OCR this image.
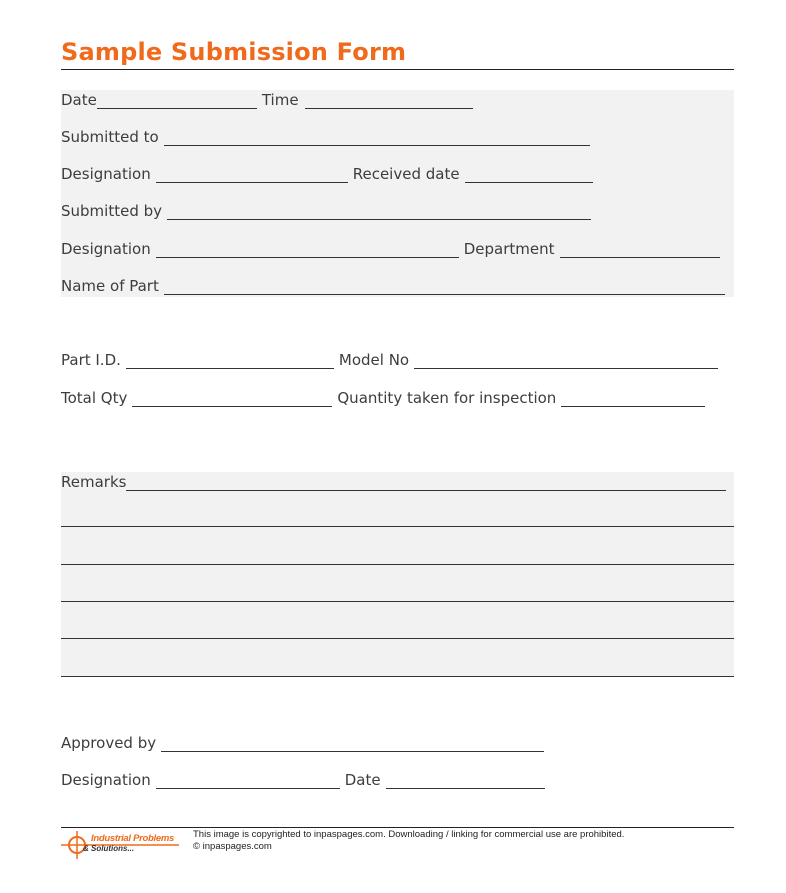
Sample Submission Form
Date	Time
Submitted to
Designation	Received date
Submitted by
Designation	Department
Name of Part
Part I.D.	Model No
Total Qty	Quantity taken for inspection
Remarks
Approved by
Designation	Date
Industrial Problems
& Solutions...
This image is copyrighted to inpaspages.com. Downloading / linking for commercial use are prohibited.
© inpaspages.com
